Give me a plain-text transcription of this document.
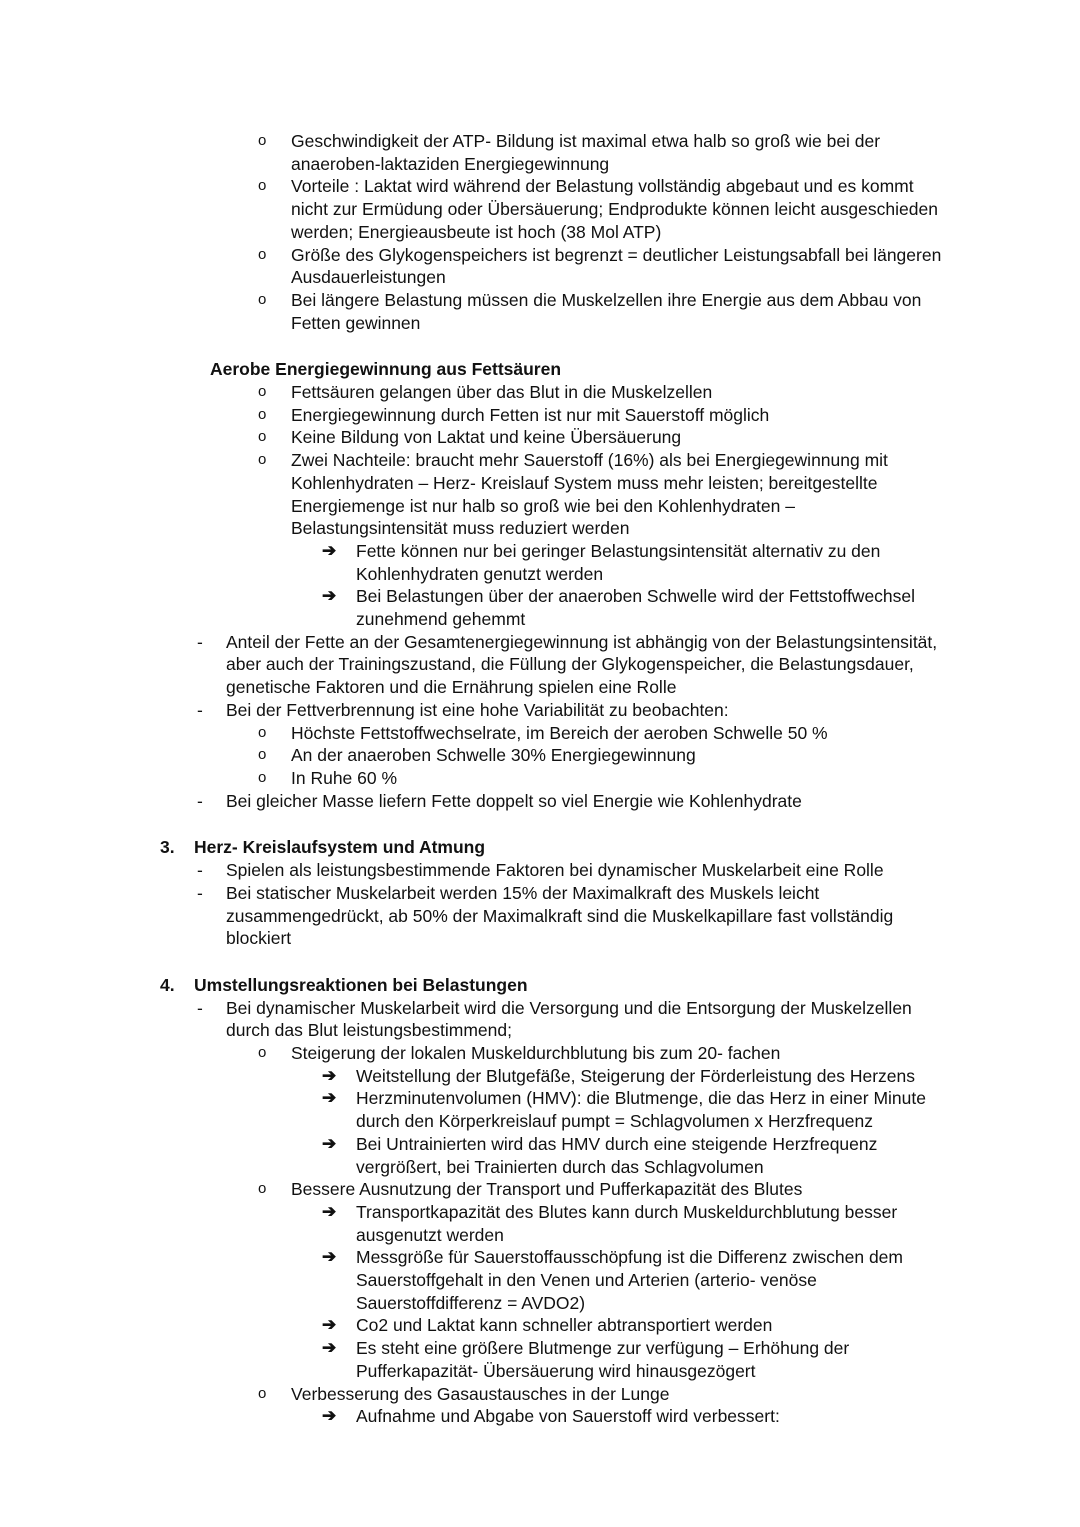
o Geschwindigkeit der ATP- Bildung ist maximal etwa halb so groß wie bei der anaeroben-laktaziden Energiegewinnung
o Vorteile : Laktat wird während der Belastung vollständig abgebaut und es kommt nicht zur Ermüdung oder Übersäuerung; Endprodukte können leicht ausgeschieden werden; Energieausbeute ist hoch (38 Mol ATP)
o Größe des Glykogenspeichers ist begrenzt = deutlicher Leistungsabfall bei längeren Ausdauerleistungen
o Bei längere Belastung müssen die Muskelzellen ihre Energie aus dem Abbau von Fetten gewinnen
Aerobe Energiegewinnung aus Fettsäuren
o Fettsäuren gelangen über das Blut in die Muskelzellen
o Energiegewinnung durch Fetten ist nur mit Sauerstoff möglich
o Keine Bildung von Laktat und keine Übersäuerung
o Zwei Nachteile: braucht mehr Sauerstoff (16%) als bei Energiegewinnung mit Kohlenhydraten – Herz- Kreislauf System muss mehr leisten; bereitgestellte Energiemenge ist nur halb so groß wie bei den Kohlenhydraten – Belastungsintensität muss reduziert werden
➔ Fette können nur bei geringer Belastungsintensität alternativ zu den Kohlenhydraten genutzt werden
➔ Bei Belastungen über der anaeroben Schwelle wird der Fettstoffwechsel zunehmend gehemmt
- Anteil der Fette an der Gesamtenergiegewinnung ist abhängig von der Belastungsintensität, aber auch der Trainingszustand, die Füllung der Glykogenspeicher, die Belastungsdauer, genetische Faktoren und die Ernährung spielen eine Rolle
- Bei der Fettverbrennung ist eine hohe Variabilität zu beobachten:
o Höchste Fettstoffwechselrate, im Bereich der aeroben Schwelle 50 %
o An der anaeroben Schwelle 30% Energiegewinnung
o In Ruhe 60 %
- Bei gleicher Masse liefern Fette doppelt so viel Energie wie Kohlenhydrate
3. Herz- Kreislaufsystem und Atmung
- Spielen als leistungsbestimmende Faktoren bei dynamischer Muskelarbeit eine Rolle
- Bei statischer Muskelarbeit werden 15% der Maximalkraft des Muskels leicht zusammengedrückt, ab 50% der Maximalkraft sind die Muskelkapillare fast vollständig blockiert
4. Umstellungsreaktionen bei Belastungen
- Bei dynamischer Muskelarbeit wird die Versorgung und die Entsorgung der Muskelzellen durch das Blut leistungsbestimmend;
o Steigerung der lokalen Muskeldurchblutung bis zum 20- fachen
➔ Weitstellung der Blutgefäße, Steigerung der Förderleistung des Herzens
➔ Herzminutenvolumen (HMV): die Blutmenge, die das Herz in einer Minute durch den Körperkreislauf pumpt = Schlagvolumen x Herzfrequenz
➔ Bei Untrainierten wird das HMV durch eine steigende Herzfrequenz vergrößert, bei Trainierten durch das Schlagvolumen
o Bessere Ausnutzung der Transport und Pufferkapazität des Blutes
➔ Transportkapazität des Blutes kann durch Muskeldurchblutung besser ausgenutzt werden
➔ Messgröße für Sauerstoffausschöpfung ist die Differenz zwischen dem Sauerstoffgehalt in den Venen und Arterien (arterio- venöse Sauerstoffdifferenz = AVDO2)
➔ Co2 und Laktat kann schneller abtransportiert werden
➔ Es steht eine größere Blutmenge zur verfügung – Erhöhung der Pufferkapazität- Übersäuerung wird hinausgezögert
o Verbesserung des Gasaustausches in der Lunge
➔ Aufnahme und Abgabe von Sauerstoff wird verbessert:
